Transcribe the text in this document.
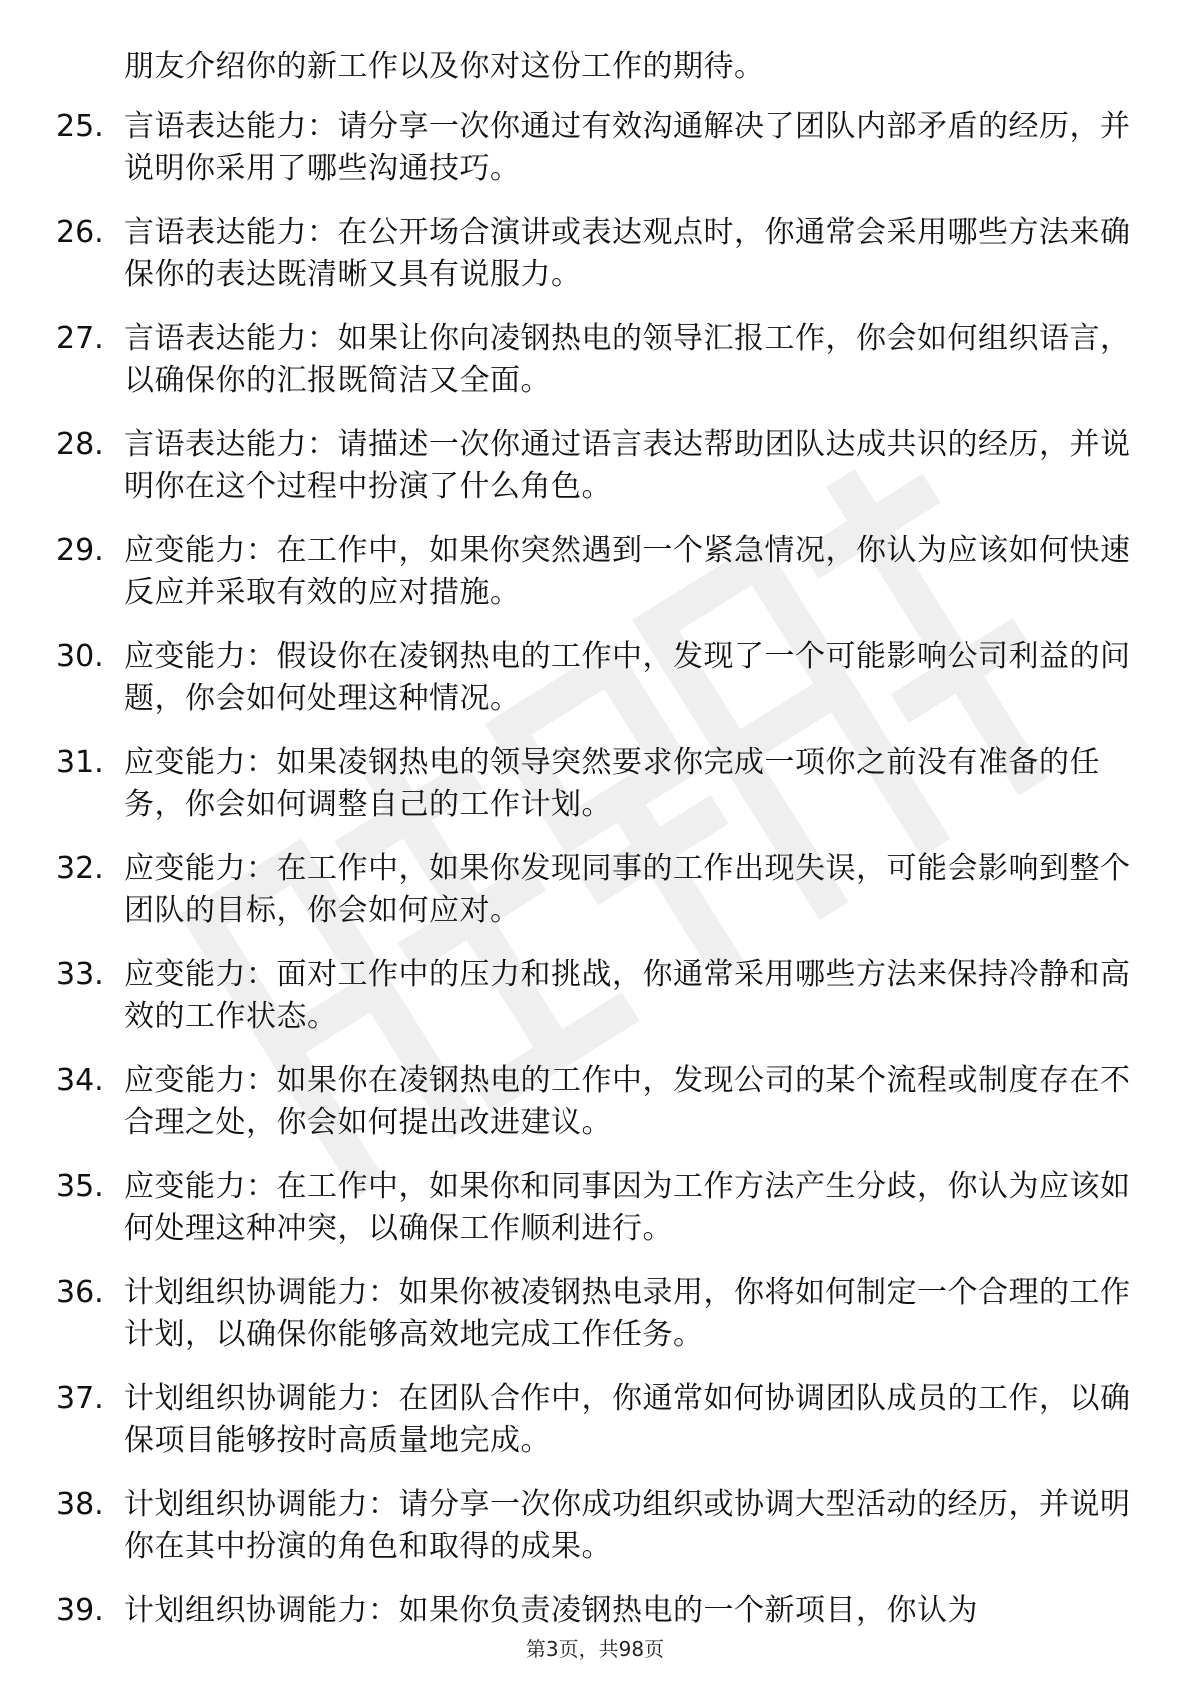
朋友介绍你的新工作以及你对这份工作的期待。
25. 言语表达能力：请分享一次你通过有效沟通解决了团队内部矛盾的经历，并说明你采用了哪些沟通技巧。
26. 言语表达能力：在公开场合演讲或表达观点时，你通常会采用哪些方法来确保你的表达既清晰又具有说服力。
27. 言语表达能力：如果让你向凌钢热电的领导汇报工作，你会如何组织语言，以确保你的汇报既简洁又全面。
28. 言语表达能力：请描述一次你通过语言表达帮助团队达成共识的经历，并说明你在这个过程中扮演了什么角色。
29. 应变能力：在工作中，如果你突然遇到一个紧急情况，你认为应该如何快速反应并采取有效的应对措施。
30. 应变能力：假设你在凌钢热电的工作中，发现了一个可能影响公司利益的问题，你会如何处理这种情况。
31. 应变能力：如果凌钢热电的领导突然要求你完成一项你之前没有准备的任务，你会如何调整自己的工作计划。
32. 应变能力：在工作中，如果你发现同事的工作出现失误，可能会影响到整个团队的目标，你会如何应对。
33. 应变能力：面对工作中的压力和挑战，你通常采用哪些方法来保持冷静和高效的工作状态。
34. 应变能力：如果你在凌钢热电的工作中，发现公司的某个流程或制度存在不合理之处，你会如何提出改进建议。
35. 应变能力：在工作中，如果你和同事因为工作方法产生分歧，你认为应该如何处理这种冲突，以确保工作顺利进行。
36. 计划组织协调能力：如果你被凌钢热电录用，你将如何制定一个合理的工作计划，以确保你能够高效地完成工作任务。
37. 计划组织协调能力：在团队合作中，你通常如何协调团队成员的工作，以确保项目能够按时高质量地完成。
38. 计划组织协调能力：请分享一次你成功组织或协调大型活动的经历，并说明你在其中扮演的角色和取得的成果。
39. 计划组织协调能力：如果你负责凌钢热电的一个新项目，你认为
第3页，共98页
